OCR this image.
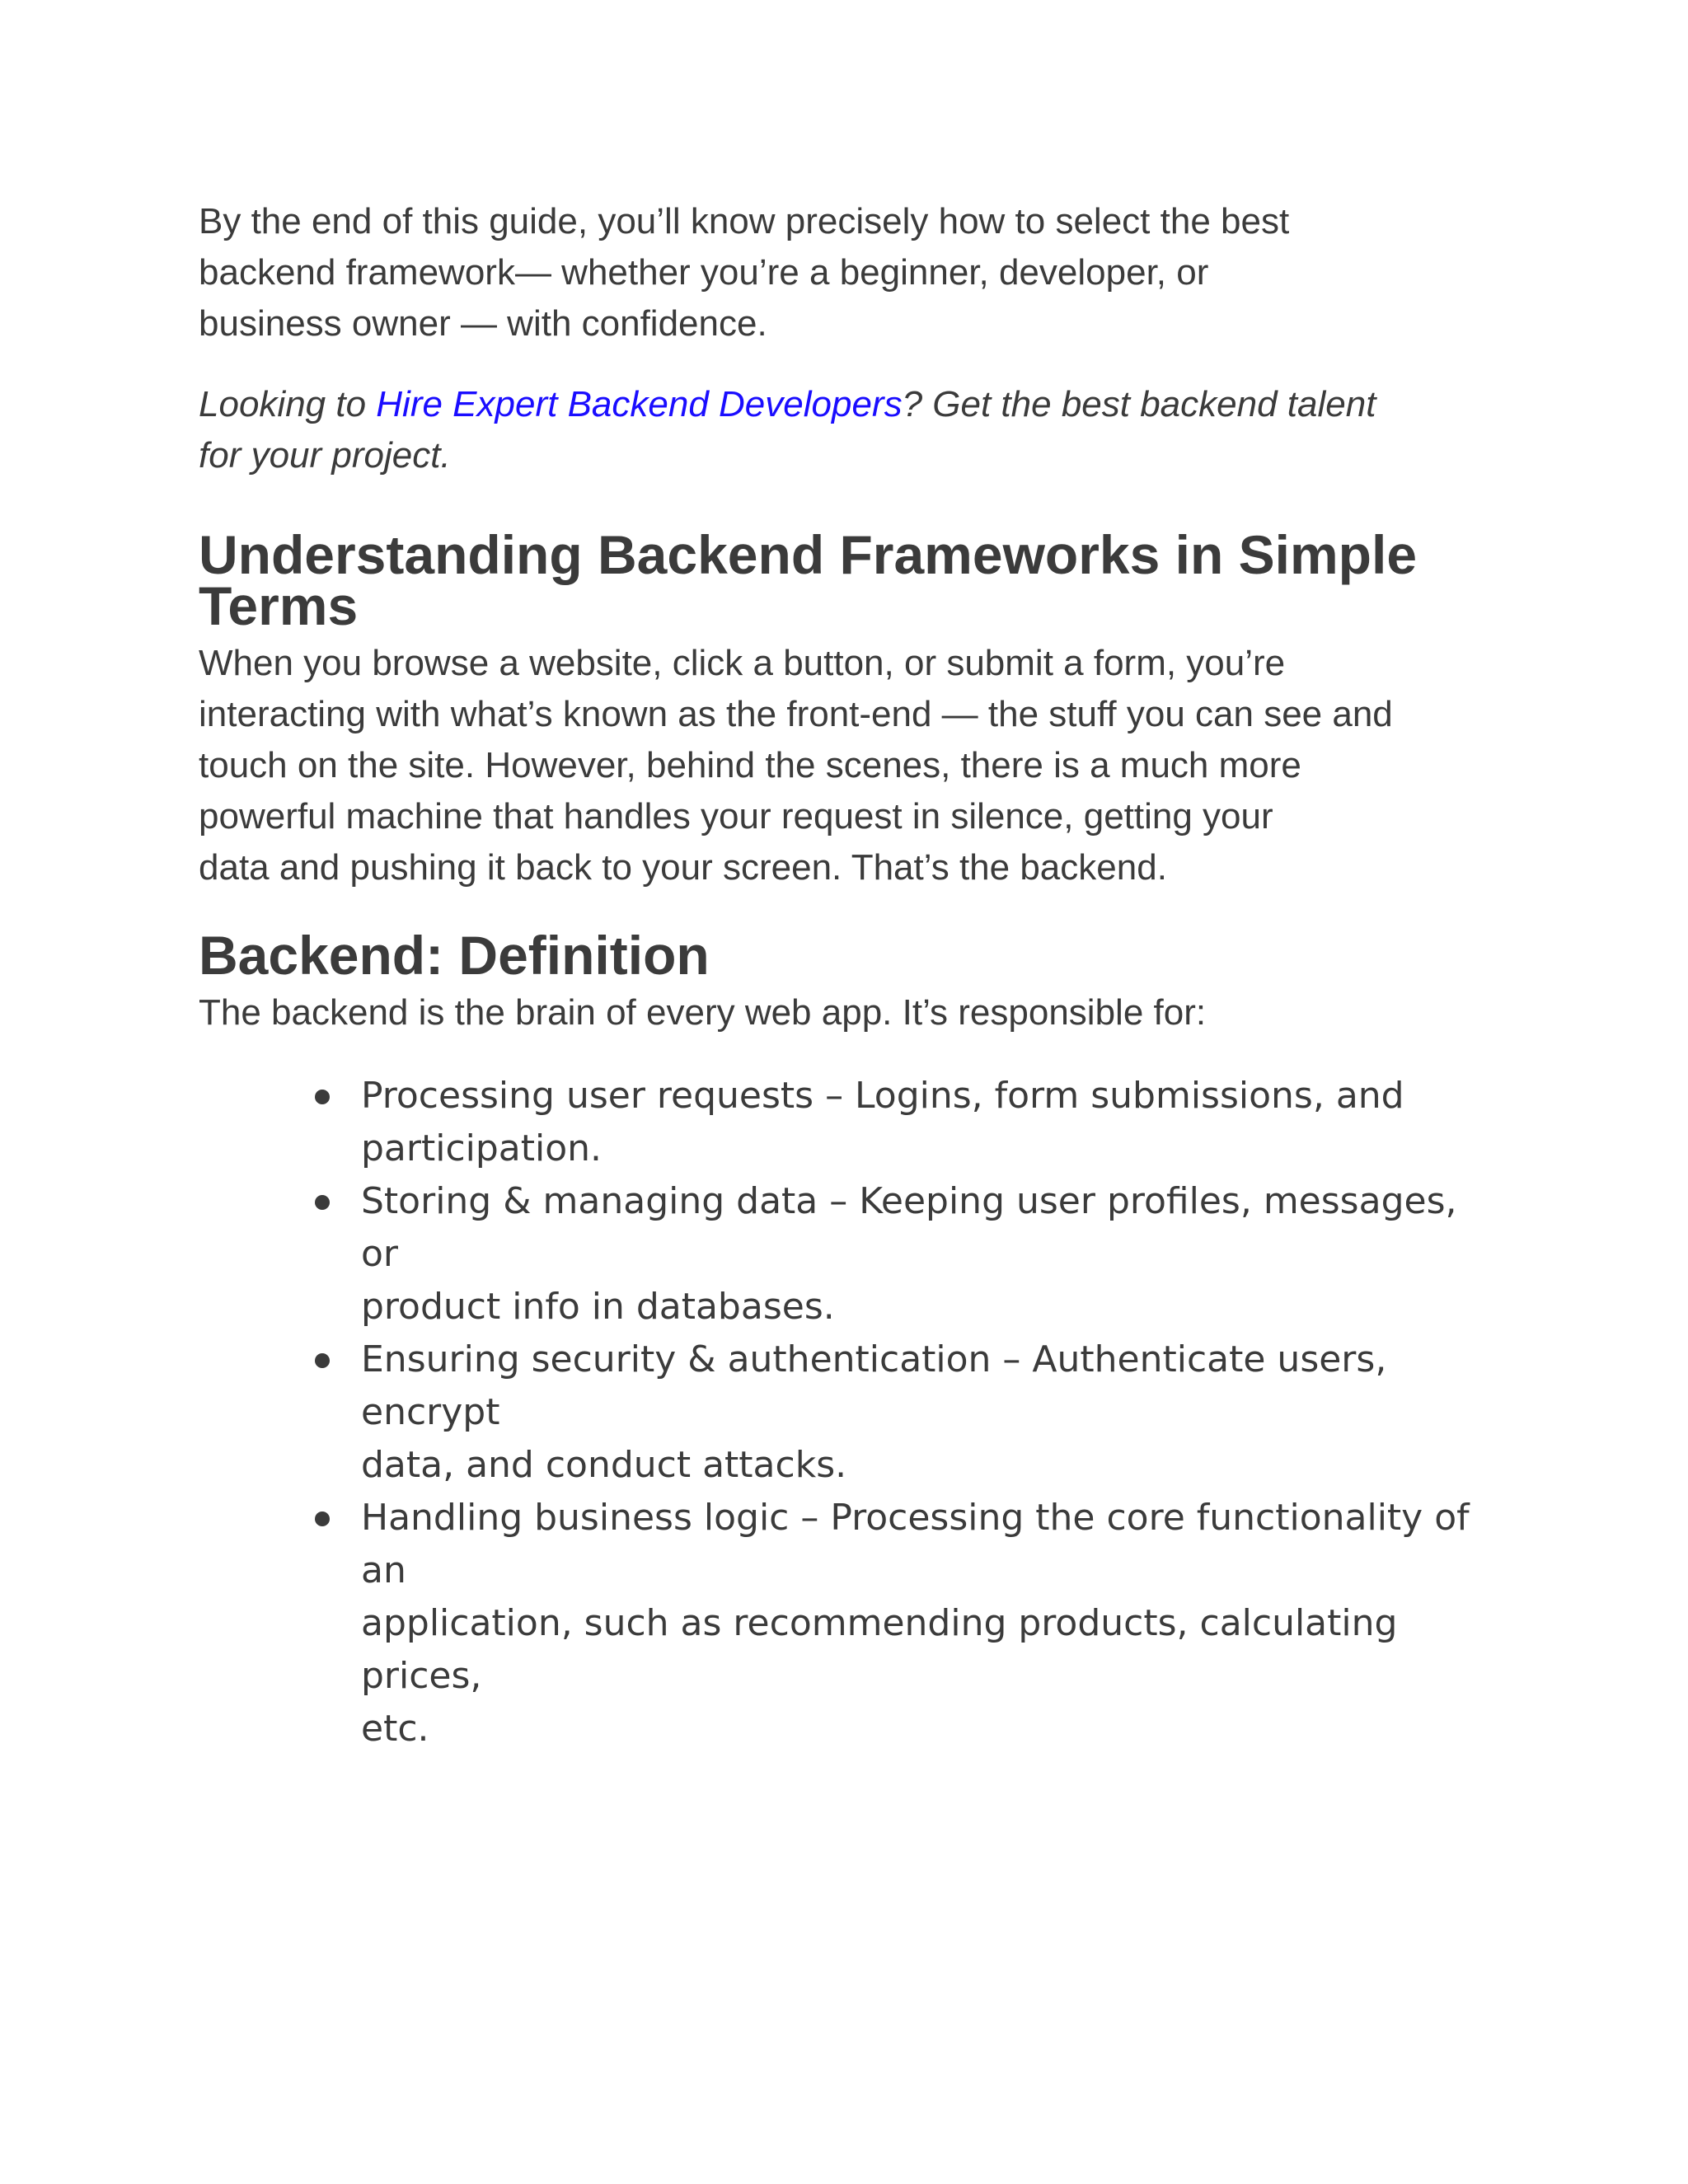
By the end of this guide, you’ll know precisely how to select the best
backend framework— whether you’re a beginner, developer, or
business owner — with confidence.

Looking to Hire Expert Backend Developers? Get the best backend talent
for your project.

Understanding Backend Frameworks in Simple Terms

When you browse a website, click a button, or submit a form, you’re
interacting with what’s known as the front-end — the stuff you can see and
touch on the site. However, behind the scenes, there is a much more
powerful machine that handles your request in silence, getting your
data and pushing it back to your screen. That’s the backend.

Backend: Definition

The backend is the brain of every web app. It’s responsible for:

Processing user requests – Logins, form submissions, and
participation.
Storing & managing data – Keeping user profiles, messages, or
product info in databases.
Ensuring security & authentication – Authenticate users, encrypt
data, and conduct attacks.
Handling business logic – Processing the core functionality of an
application, such as recommending products, calculating prices,
etc.
